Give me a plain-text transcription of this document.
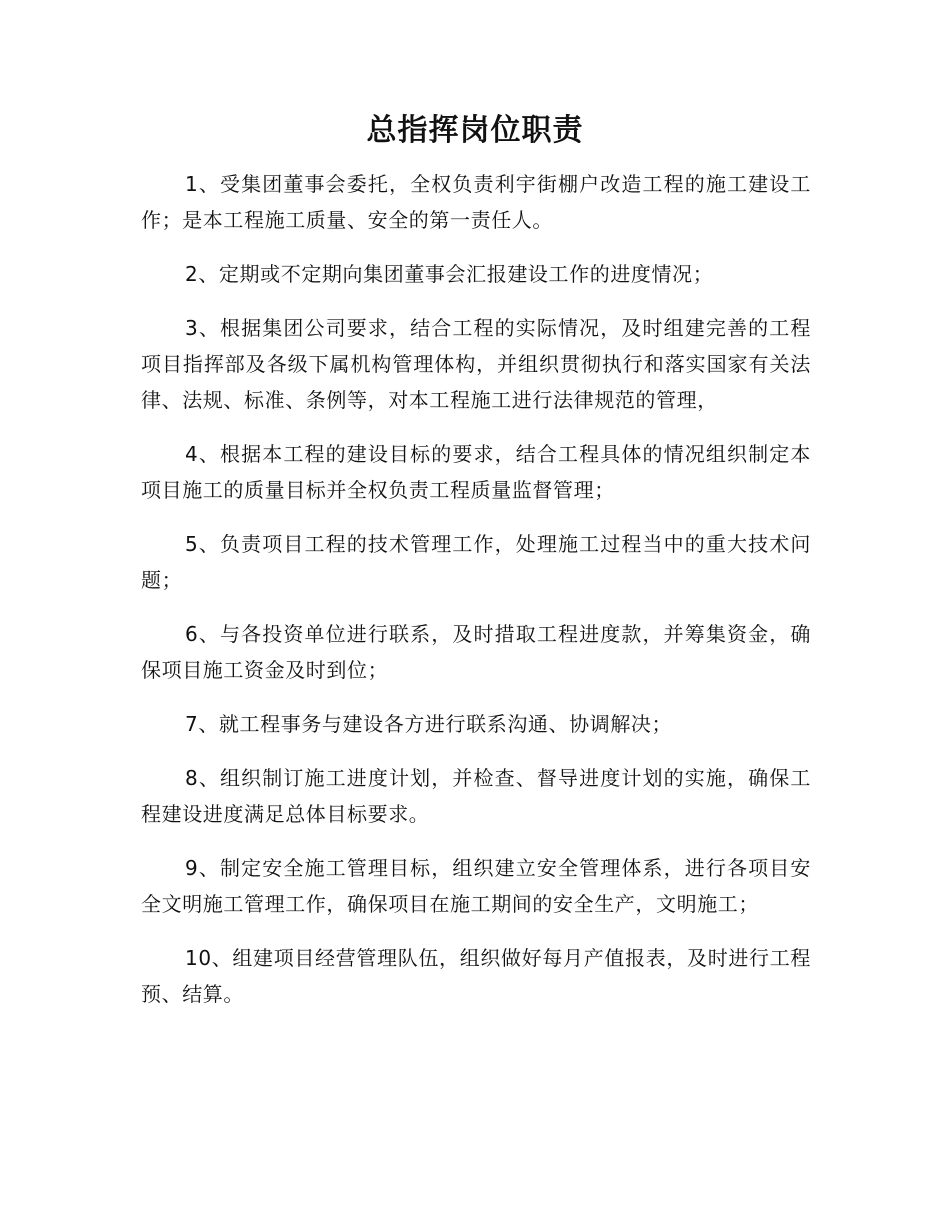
总指挥岗位职责

1、受集团董事会委托，全权负责利宇街棚户改造工程的施工建设工作；是本工程施工质量、安全的第一责任人。

2、定期或不定期向集团董事会汇报建设工作的进度情况；

3、根据集团公司要求，结合工程的实际情况，及时组建完善的工程项目指挥部及各级下属机构管理体构，并组织贯彻执行和落实国家有关法律、法规、标准、条例等，对本工程施工进行法律规范的管理，

4、根据本工程的建设目标的要求，结合工程具体的情况组织制定本项目施工的质量目标并全权负责工程质量监督管理；

5、负责项目工程的技术管理工作，处理施工过程当中的重大技术问题；

6、与各投资单位进行联系，及时措取工程进度款，并筹集资金，确保项目施工资金及时到位；

7、就工程事务与建设各方进行联系沟通、协调解决；

8、组织制订施工进度计划，并检查、督导进度计划的实施，确保工程建设进度满足总体目标要求。

9、制定安全施工管理目标，组织建立安全管理体系，进行各项目安全文明施工管理工作，确保项目在施工期间的安全生产，文明施工；

10、组建项目经营管理队伍，组织做好每月产值报表，及时进行工程预、结算。
